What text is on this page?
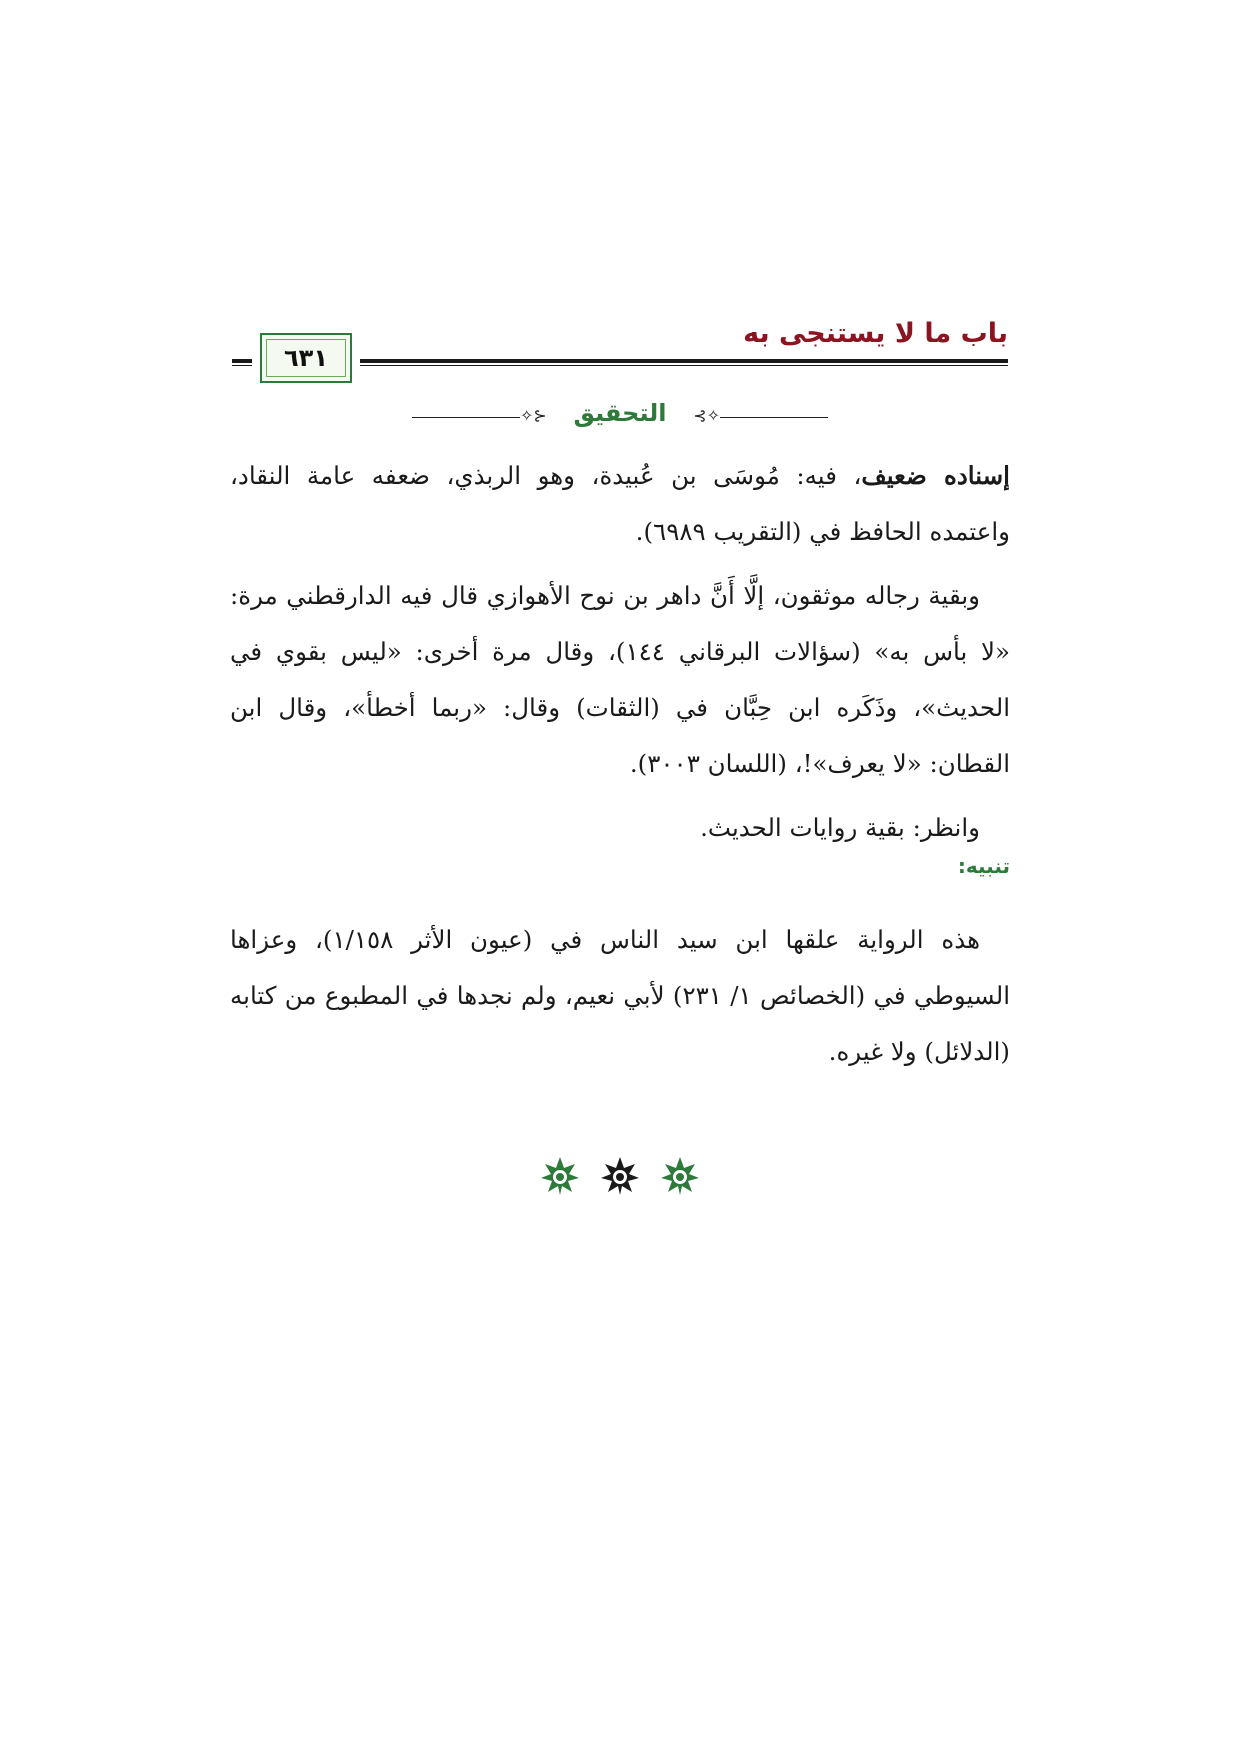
باب ما لا يستنجى به
٦٣١
⊰✧	التحقيق	✧⊱

إسناده ضعيف، فيه: مُوسَى بن عُبيدة، وهو الربذي، ضعفه عامة النقاد، واعتمده الحافظ في (التقريب ٦٩٨٩).

وبقية رجاله موثقون، إلَّا أَنَّ داهر بن نوح الأهوازي قال فيه الدارقطني مرة: «لا بأس به» (سؤالات البرقاني ١٤٤)، وقال مرة أخرى: «ليس بقوي في الحديث»، وذَكَره ابن حِبَّان في (الثقات) وقال: «ربما أخطأ»، وقال ابن القطان: «لا يعرف»!، (اللسان ٣٠٠٣).

وانظر: بقية روايات الحديث.

تنبيه:

هذه الرواية علقها ابن سيد الناس في (عيون الأثر ١/١٥٨)، وعزاها السيوطي في (الخصائص ١/ ٢٣١) لأبي نعيم، ولم نجدها في المطبوع من كتابه (الدلائل) ولا غيره.
